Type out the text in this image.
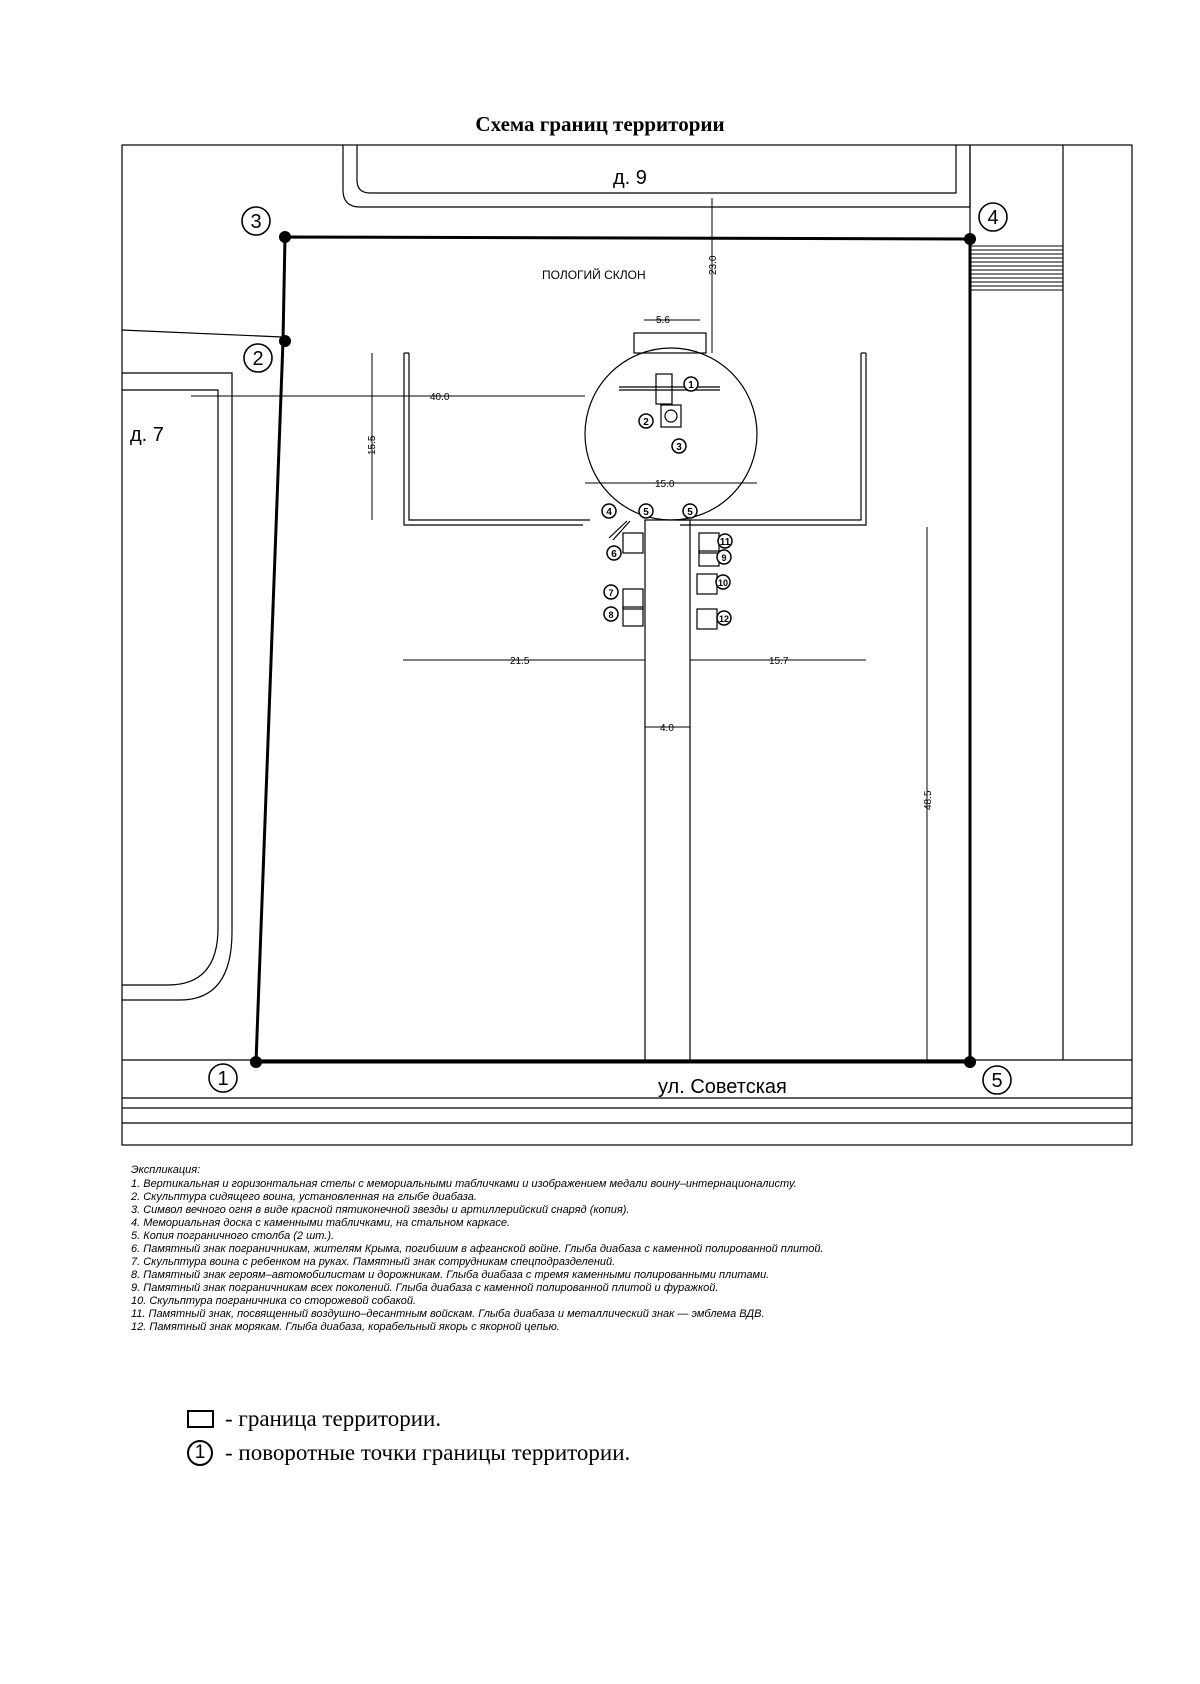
Схема границ территории
1
2
3
4	5	5
6
11
9
10
7
8	12
д. 9
д. 7
ПОЛОГИЙ СКЛОН
ул. Советская
23.0
5.6
40.0
15.5
15.0
21.5	15.7
4.0
48.5
3
2
4
1	5
Экспликация:
1. Вертикальная и горизонтальная стелы с мемориальными табличками и изображением медали воину–интернационалисту.
2. Скульптура сидящего воина, установленная на глыбе диабаза.
3. Символ вечного огня в виде красной пятиконечной звезды и артиллерийский снаряд (копия).
4. Мемориальная доска с каменными табличками, на стальном каркасе.
5. Копия пограничного столба (2 шт.).
6. Памятный знак пограничникам, жителям Крыма, погибшим в афганской войне. Глыба диабаза с каменной полированной плитой.
7. Скульптура воина с ребенком на руках. Памятный знак сотрудникам спецподразделений.
8. Памятный знак героям–автомобилистам и дорожникам. Глыба диабаза с тремя каменными полированными плитами.
9. Памятный знак пограничникам всех поколений. Глыба диабаза с каменной полированной плитой и фуражкой.
10. Скульптура пограничника со сторожевой собакой.
11. Памятный знак, посвященный воздушно–десантным войскам. Глыба диабаза и металлический знак — эмблема ВДВ.
12. Памятный знак морякам. Глыба диабаза, корабельный якорь с якорной цепью.
- граница территории.
1 - поворотные точки границы территории.
